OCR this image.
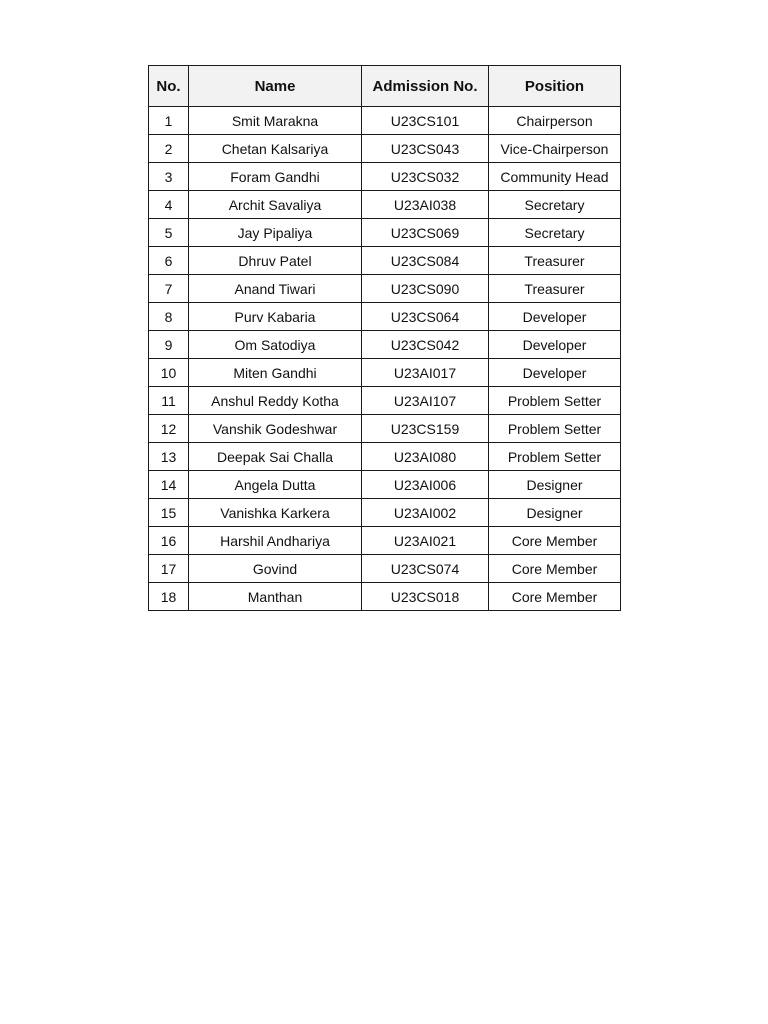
No.	Name	Admission No.	Position
1	Smit Marakna	U23CS101	Chairperson
2	Chetan Kalsariya	U23CS043	Vice-Chairperson
3	Foram Gandhi	U23CS032	Community Head
4	Archit Savaliya	U23AI038	Secretary
5	Jay Pipaliya	U23CS069	Secretary
6	Dhruv Patel	U23CS084	Treasurer
7	Anand Tiwari	U23CS090	Treasurer
8	Purv Kabaria	U23CS064	Developer
9	Om Satodiya	U23CS042	Developer
10	Miten Gandhi	U23AI017	Developer
11	Anshul Reddy Kotha	U23AI107	Problem Setter
12	Vanshik Godeshwar	U23CS159	Problem Setter
13	Deepak Sai Challa	U23AI080	Problem Setter
14	Angela Dutta	U23AI006	Designer
15	Vanishka Karkera	U23AI002	Designer
16	Harshil Andhariya	U23AI021	Core Member
17	Govind	U23CS074	Core Member
18	Manthan	U23CS018	Core Member
